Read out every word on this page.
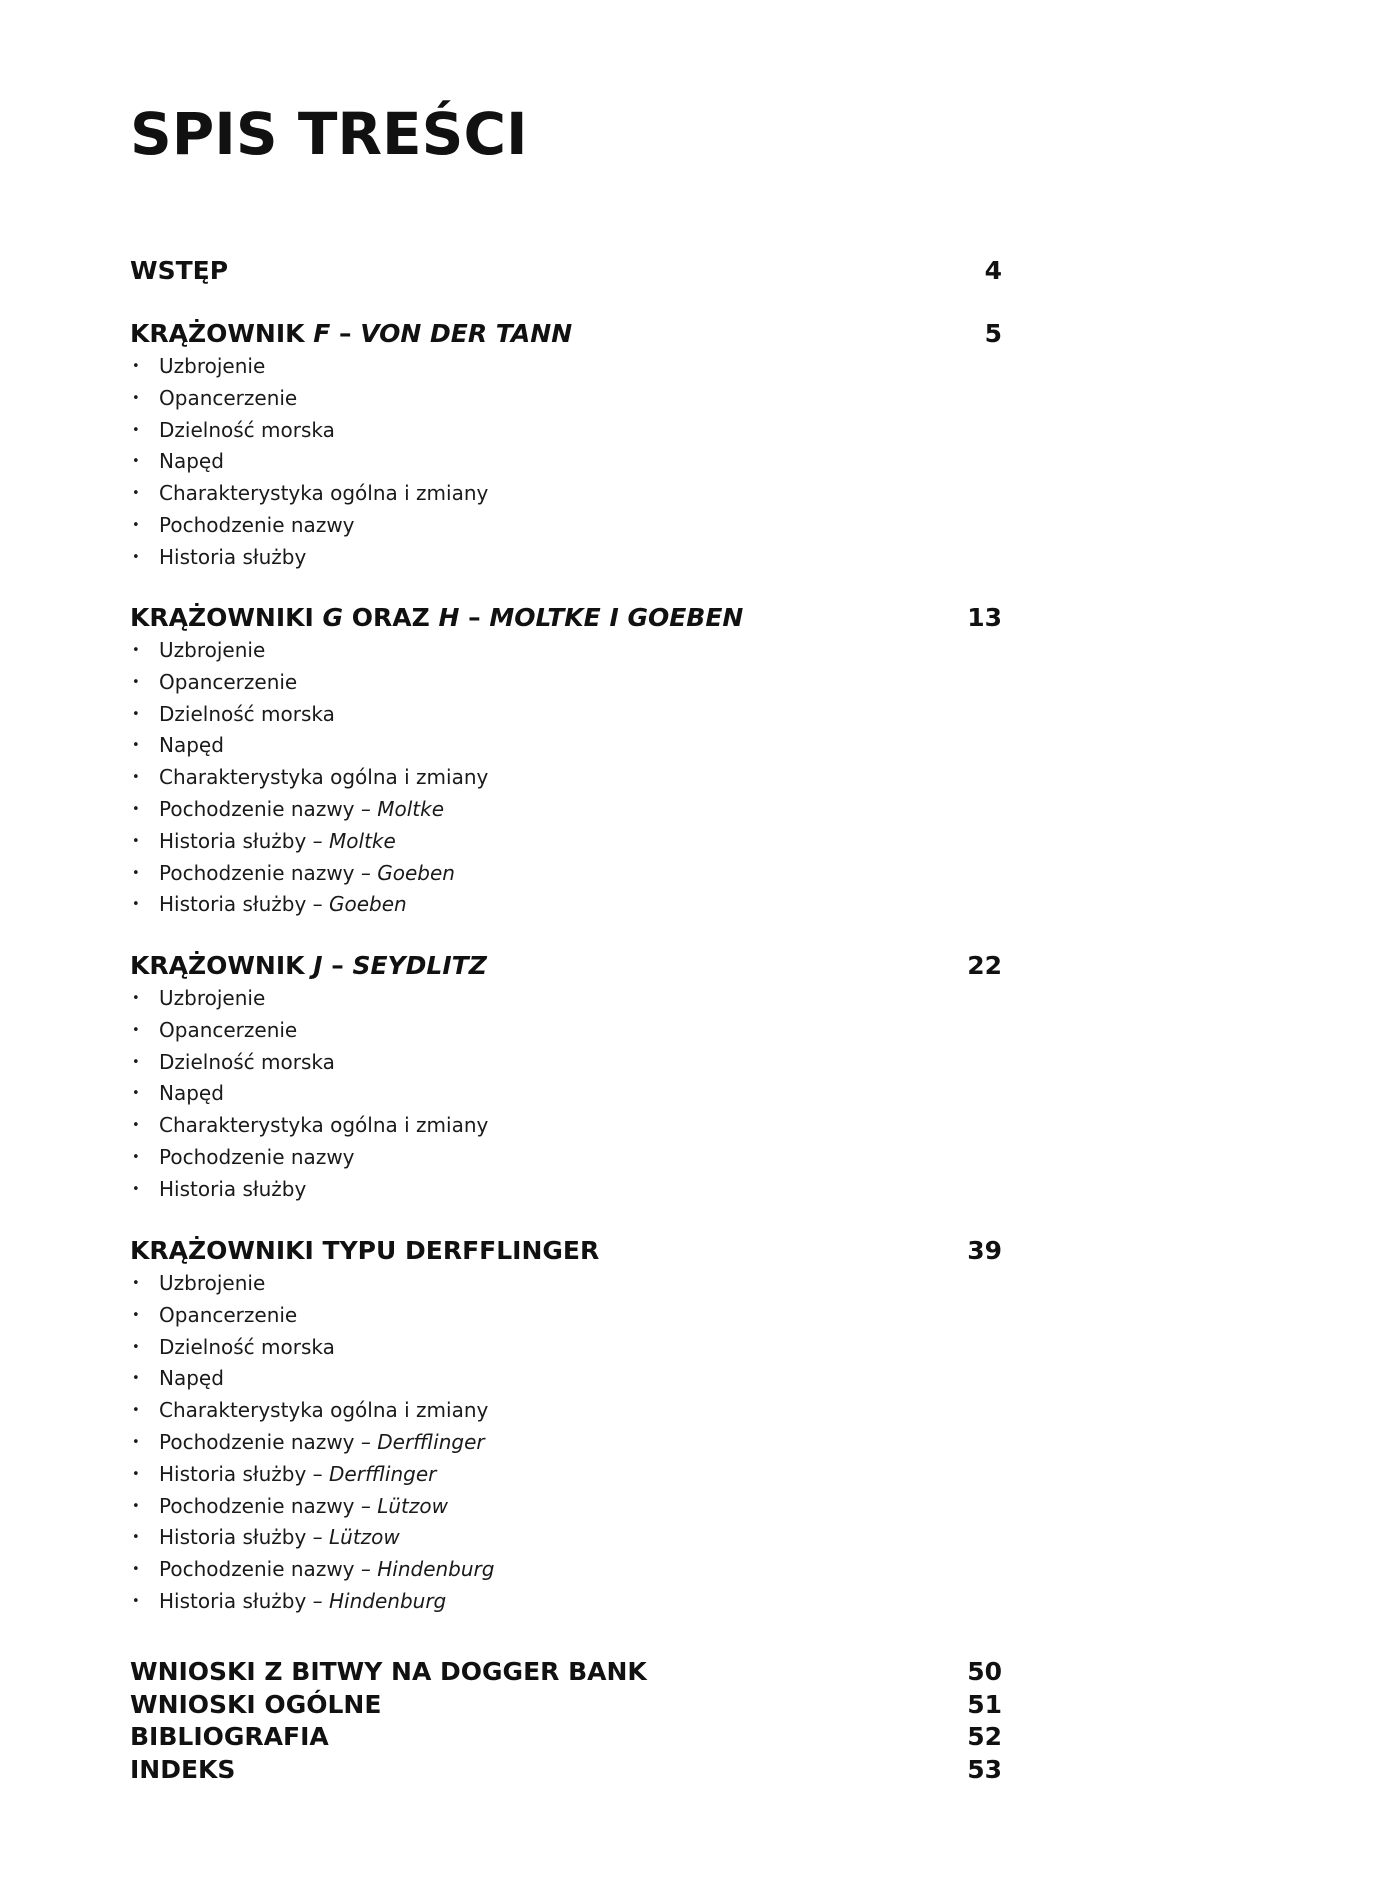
SPIS TREŚCI
WSTĘP	4
KRĄŻOWNIK F – VON DER TANN	5
• Uzbrojenie
• Opancerzenie
• Dzielność morska
• Napęd
• Charakterystyka ogólna i zmiany
• Pochodzenie nazwy
• Historia służby
KRĄŻOWNIKI G ORAZ H – MOLTKE I GOEBEN	13
• Uzbrojenie
• Opancerzenie
• Dzielność morska
• Napęd
• Charakterystyka ogólna i zmiany
• Pochodzenie nazwy – Moltke
• Historia służby – Moltke
• Pochodzenie nazwy – Goeben
• Historia służby – Goeben
KRĄŻOWNIK J – SEYDLITZ	22
• Uzbrojenie
• Opancerzenie
• Dzielność morska
• Napęd
• Charakterystyka ogólna i zmiany
• Pochodzenie nazwy
• Historia służby
KRĄŻOWNIKI TYPU DERFFLINGER	39
• Uzbrojenie
• Opancerzenie
• Dzielność morska
• Napęd
• Charakterystyka ogólna i zmiany
• Pochodzenie nazwy – Derfflinger
• Historia służby – Derfflinger
• Pochodzenie nazwy – Lützow
• Historia służby – Lützow
• Pochodzenie nazwy – Hindenburg
• Historia służby – Hindenburg
WNIOSKI Z BITWY NA DOGGER BANK	50
WNIOSKI OGÓLNE	51
BIBLIOGRAFIA	52
INDEKS	53
